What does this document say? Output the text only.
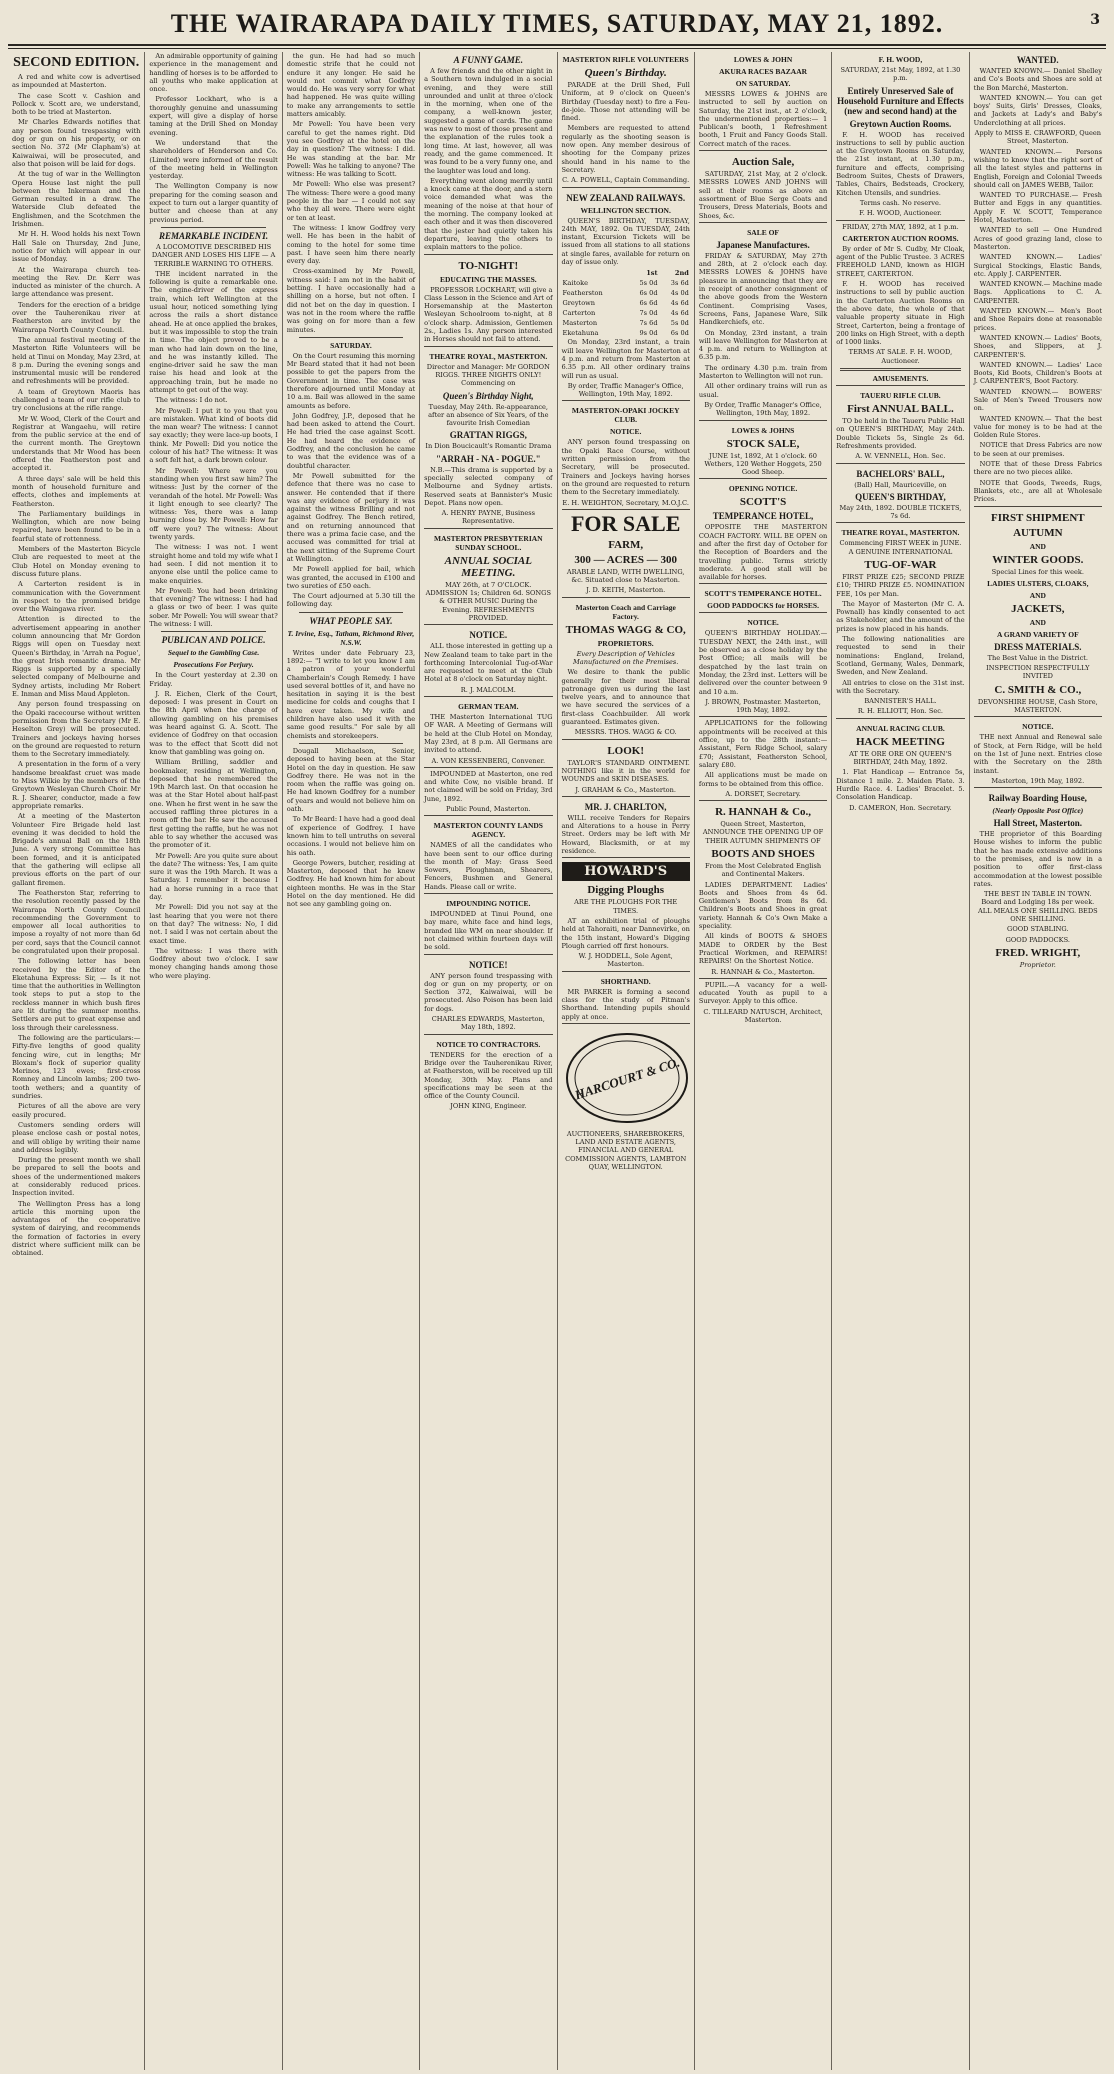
THE WAIRARAPA DAILY TIMES, SATURDAY, MAY 21, 1892.	3
SECOND EDITION.

A red and white cow is advertised as impounded at Masterton.

The case Scott v. Cashion and Pollock v. Scott are, we understand, both to be tried at Masterton.

Mr Charles Edwards notifies that any person found trespassing with dog or gun on his property, or on section No. 372 (Mr Clapham's) at Kaiwaiwai, will be prosecuted, and also that poison will be laid for dogs.

At the tug of war in the Wellington Opera House last night the pull between the Inkerman and the German resulted in a draw. The Waterside Club defeated the Englishmen, and the Scotchmen the Irishmen.

Mr H. H. Wood holds his next Town Hall Sale on Thursday, 2nd June, notice for which will appear in our issue of Monday.

At the Wairarapa church tea-meeting the Rev. Dr. Kerr was inducted as minister of the church. A large attendance was present.

Tenders for the erection of a bridge over the Tauherenikau river at Featherston are invited by the Wairarapa North County Council.

The annual festival meeting of the Masterton Rifle Volunteers will be held at Tinui on Monday, May 23rd, at 8 p.m. During the evening songs and instrumental music will be rendered and refreshments will be provided.

A team of Greytown Maoris has challenged a team of our rifle club to try conclusions at the rifle range.

Mr W. Wood, Clerk of the Court and Registrar at Wangaehu, will retire from the public service at the end of the current month. The Greytown understands that Mr Wood has been offered the Featherston post and accepted it.

A three days' sale will be held this month of household furniture and effects, clothes and implements at Featherston.

The Parliamentary buildings in Wellington, which are now being repaired, have been found to be in a fearful state of rottenness.

Members of the Masterton Bicycle Club are requested to meet at the Club Hotel on Monday evening to discuss future plans.

A Carterton resident is in communication with the Government in respect to the promised bridge over the Waingawa river.

Attention is directed to the advertisement appearing in another column announcing that Mr Gordon Riggs will open on Tuesday next Queen's Birthday, in 'Arrah na Pogue', the great Irish romantic drama. Mr Riggs is supported by a specially selected company of Melbourne and Sydney artists, including Mr Robert E. Inman and Miss Maud Appleton.

Any person found trespassing on the Opaki racecourse without written permission from the Secretary (Mr E. Heselton Grey) will be prosecuted. Trainers and jockeys having horses on the ground are requested to return them to the Secretary immediately.

A presentation in the form of a very handsome breakfast cruet was made to Miss Wilkie by the members of the Greytown Wesleyan Church Choir. Mr R. J. Shearer, conductor, made a few appropriate remarks.

At a meeting of the Masterton Volunteer Fire Brigade held last evening it was decided to hold the Brigade's annual Ball on the 18th June. A very strong Committee has been formed, and it is anticipated that the gathering will eclipse all previous efforts on the part of our gallant firemen.

The Featherston Star, referring to the resolution recently passed by the Wairarapa North County Council recommending the Government to empower all local authorities to impose a royalty of not more than 6d per cord, says that the Council cannot be congratulated upon their proposal.

The following letter has been received by the Editor of the Eketahuna Express: Sir, — Is it not time that the authorities in Wellington took steps to put a stop to the reckless manner in which bush fires are lit during the summer months. Settlers are put to great expense and loss through their carelessness.

The following are the particulars:— Fifty-five lengths of good quality fencing wire, cut in lengths; Mr Bloxam's flock of superior quality Merinos, 123 ewes; first-cross Romney and Lincoln lambs; 200 two-tooth wethers; and a quantity of sundries.

Pictures of all the above are very easily procured.

Customers sending orders will please enclose cash or postal notes, and will oblige by writing their name and address legibly.

During the present month we shall be prepared to sell the boots and shoes of the undermentioned makers at considerably reduced prices. Inspection invited.

The Wellington Press has a long article this morning upon the advantages of the co-operative system of dairying, and recommends the formation of factories in every district where sufficient milk can be obtained.

An admirable opportunity of gaining experience in the management and handling of horses is to be afforded to all youths who make application at once.

Professor Lockhart, who is a thoroughly genuine and unassuming expert, will give a display of horse taming at the Drill Shed on Monday evening.

We understand that the shareholders of Henderson and Co. (Limited) were informed of the result of the meeting held in Wellington yesterday.

The Wellington Company is now preparing for the coming season and expect to turn out a larger quantity of butter and cheese than at any previous period.

REMARKABLE INCIDENT.

A LOCOMOTIVE DESCRIBED HIS DANGER AND LOSES HIS LIFE — A TERRIBLE WARNING TO OTHERS.

THE incident narrated in the following is quite a remarkable one. The engine-driver of the express train, which left Wellington at the usual hour, noticed something lying across the rails a short distance ahead. He at once applied the brakes, but it was impossible to stop the train in time. The object proved to be a man who had lain down on the line, and he was instantly killed. The engine-driver said he saw the man raise his head and look at the approaching train, but he made no attempt to get out of the way.

The witness: I do not.

Mr Powell: I put it to you that you are mistaken. What kind of boots did the man wear? The witness: I cannot say exactly; they were lace-up boots, I think. Mr Powell: Did you notice the colour of his hat? The witness: It was a soft felt hat, a dark brown colour.

Mr Powell: Where were you standing when you first saw him? The witness: Just by the corner of the verandah of the hotel. Mr Powell: Was it light enough to see clearly? The witness: Yes, there was a lamp burning close by. Mr Powell: How far off were you? The witness: About twenty yards.

The witness: I was not. I went straight home and told my wife what I had seen. I did not mention it to anyone else until the police came to make enquiries.

Mr Powell: You had been drinking that evening? The witness: I had had a glass or two of beer. I was quite sober. Mr Powell: You will swear that? The witness: I will.

PUBLICAN AND POLICE.
Sequel to the Gambling Case.
Prosecutions For Perjury.

In the Court yesterday at 2.30 on Friday.

J. R. Eichen, Clerk of the Court, deposed: I was present in Court on the 8th April when the charge of allowing gambling on his premises was heard against G. A. Scott. The evidence of Godfrey on that occasion was to the effect that Scott did not know that gambling was going on.

William Brilling, saddler and bookmaker, residing at Wellington, deposed that he remembered the 19th March last. On that occasion he was at the Star Hotel about half-past one. When he first went in he saw the accused raffling three pictures in a room off the bar. He saw the accused first getting the raffle, but he was not able to say whether the accused was the promoter of it.

Mr Powell: Are you quite sure about the date? The witness: Yes, I am quite sure it was the 19th March. It was a Saturday. I remember it because I had a horse running in a race that day.

Mr Powell: Did you not say at the last hearing that you were not there on that day? The witness: No, I did not. I said I was not certain about the exact time.

The witness: I was there with Godfrey about two o'clock. I saw money changing hands among those who were playing.

the gun. He had had so much domestic strife that he could not endure it any longer. He said he would not commit what Godfrey would do. He was very sorry for what had happened. He was quite willing to make any arrangements to settle matters amicably.

Mr Powell: You have been very careful to get the names right. Did you see Godfrey at the hotel on the day in question? The witness: I did. He was standing at the bar. Mr Powell: Was he talking to anyone? The witness: He was talking to Scott.

Mr Powell: Who else was present? The witness: There were a good many people in the bar — I could not say who they all were. There were eight or ten at least.

The witness: I know Godfrey very well. He has been in the habit of coming to the hotel for some time past. I have seen him there nearly every day.

Cross-examined by Mr Powell, witness said: I am not in the habit of betting. I have occasionally had a shilling on a horse, but not often. I did not bet on the day in question. I was not in the room where the raffle was going on for more than a few minutes.

SATURDAY.

On the Court resuming this morning Mr Beard stated that it had not been possible to get the papers from the Government in time. The case was therefore adjourned until Monday at 10 a.m. Bail was allowed in the same amounts as before.

John Godfrey, J.P., deposed that he had been asked to attend the Court. He had tried the case against Scott. He had heard the evidence of Godfrey, and the conclusion he came to was that the evidence was of a doubtful character.

Mr Powell submitted for the defence that there was no case to answer. He contended that if there was any evidence of perjury it was against the witness Brilling and not against Godfrey. The Bench retired, and on returning announced that there was a prima facie case, and the accused was committed for trial at the next sitting of the Supreme Court at Wellington.

Mr Powell applied for bail, which was granted, the accused in £100 and two sureties of £50 each.

The Court adjourned at 5.30 till the following day.

WHAT PEOPLE SAY.
T. Irvine, Esq., Tatham, Richmond River, N.S.W.

Writes under date February 23, 1892:— "I write to let you know I am a patron of your wonderful Chamberlain's Cough Remedy. I have used several bottles of it, and have no hesitation in saying it is the best medicine for colds and coughs that I have ever taken. My wife and children have also used it with the same good results." For sale by all chemists and storekeepers.

Dougall Michaelson, Senior, deposed to having been at the Star Hotel on the day in question. He saw Godfrey there. He was not in the room when the raffle was going on. He had known Godfrey for a number of years and would not believe him on oath.

To Mr Beard: I have had a good deal of experience of Godfrey. I have known him to tell untruths on several occasions. I would not believe him on his oath.

George Powers, butcher, residing at Masterton, deposed that he knew Godfrey. He had known him for about eighteen months. He was in the Star Hotel on the day mentioned. He did not see any gambling going on.

A FUNNY GAME.

A few friends and the other night in a Southern town indulged in a social evening, and they were still unrounded and unlit at three o'clock in the morning, when one of the company, a well-known jester, suggested a game of cards. The game was new to most of those present and the explanation of the rules took a long time. At last, however, all was ready, and the game commenced. It was found to be a very funny one, and the laughter was loud and long.

Everything went along merrily until a knock came at the door, and a stern voice demanded what was the meaning of the noise at that hour of the morning. The company looked at each other and it was then discovered that the jester had quietly taken his departure, leaving the others to explain matters to the police.

TO-NIGHT!
EDUCATING THE MASSES.

PROFESSOR LOCKHART, will give a Class Lesson in the Science and Art of Horsemanship at the Masterton Wesleyan Schoolroom to-night, at 8 o'clock sharp. Admission, Gentlemen 2s., Ladies 1s. Any person interested in Horses should not fail to attend.

THEATRE ROYAL, MASTERTON.

Director and Manager: Mr GORDON RIGGS. THREE NIGHTS ONLY! Commencing on

Queen's Birthday Night,

Tuesday, May 24th. Re-appearance, after an absence of Six Years, of the favourite Irish Comedian

GRATTAN RIGGS,

In Dion Boucicault's Romantic Drama

"ARRAH - NA - POGUE."

N.B.—This drama is supported by a specially selected company of Melbourne and Sydney artists. Reserved seats at Bannister's Music Depot. Plans now open.

A. HENRY PAYNE, Business Representative.

MASTERTON PRESBYTERIAN SUNDAY SCHOOL.
ANNUAL SOCIAL MEETING.

MAY 26th, at 7 O'CLOCK. ADMISSION 1s; Children 6d. SONGS & OTHER MUSIC During the Evening. REFRESHMENTS PROVIDED.

NOTICE.

ALL those interested in getting up a New Zealand team to take part in the forthcoming Intercolonial Tug-of-War are requested to meet at the Club Hotel at 8 o'clock on Saturday night.

R. J. MALCOLM.

GERMAN TEAM.

THE Masterton International TUG OF WAR. A Meeting of Germans will be held at the Club Hotel on Monday, May 23rd, at 8 p.m. All Germans are invited to attend.

A. VON KESSENBERG, Convener.

IMPOUNDED at Masterton, one red and white Cow, no visible brand. If not claimed will be sold on Friday, 3rd June, 1892.

Public Pound, Masterton.

MASTERTON COUNTY LANDS AGENCY.

NAMES of all the candidates who have been sent to our office during the month of May: Grass Seed Sowers, Ploughman, Shearers, Fencers, Bushmen and General Hands. Please call or write.

IMPOUNDING NOTICE.

IMPOUNDED at Tinui Pound, one bay mare, white face and hind legs, branded like WM on near shoulder. If not claimed within fourteen days will be sold.

NOTICE!

ANY person found trespassing with dog or gun on my property, or on Section 372, Kaiwaiwai, will be prosecuted. Also Poison has been laid for dogs.

CHARLES EDWARDS, Masterton, May 18th, 1892.

NOTICE TO CONTRACTORS.

TENDERS for the erection of a Bridge over the Tauherenikau River, at Featherston, will be received up till Monday, 30th May. Plans and specifications may be seen at the office of the County Council.

JOHN KING, Engineer.

MASTERTON RIFLE VOLUNTEERS
Queen's Birthday.

PARADE at the Drill Shed, Full Uniform, at 9 o'clock on Queen's Birthday (Tuesday next) to fire a Feu-de-joie. Those not attending will be fined.

Members are requested to attend regularly as the shooting season is now open. Any member desirous of shooting for the Company prizes should hand in his name to the Secretary.

C. A. POWELL, Captain Commanding.

NEW ZEALAND RAILWAYS.
WELLINGTON SECTION.

QUEEN'S BIRTHDAY, TUESDAY, 24th MAY, 1892. On TUESDAY, 24th instant, Excursion Tickets will be issued from all stations to all stations at single fares, available for return on day of issue only.

	1st	2nd
Kaitoke	5s 0d	3s 6d
Featherston	6s 0d	4s 0d
Greytown	6s 6d	4s 6d
Carterton	7s 0d	4s 6d
Masterton	7s 6d	5s 0d
Eketahuna	9s 0d	6s 0d

On Monday, 23rd instant, a train will leave Wellington for Masterton at 4 p.m. and return from Masterton at 6.35 p.m. All other ordinary trains will run as usual.

By order, Traffic Manager's Office, Wellington, 19th May, 1892.

MASTERTON-OPAKI JOCKEY CLUB.
NOTICE.

ANY person found trespassing on the Opaki Race Course, without written permission from the Secretary, will be prosecuted. Trainers and Jockeys having horses on the ground are requested to return them to the Secretary immediately.

E. H. WEIGHTON, Secretary, M.O.J.C.

FOR SALE
FARM,
300 — ACRES — 300

ARABLE LAND, WITH DWELLING, &c. Situated close to Masterton.

J. D. KEITH, Masterton.

Masterton Coach and Carriage Factory.
THOMAS WAGG & CO,
PROPRIETORS.

Every Description of Vehicles Manufactured on the Premises.

We desire to thank the public generally for their most liberal patronage given us during the last twelve years, and to announce that we have secured the services of a first-class Coachbuilder. All work guaranteed. Estimates given.

MESSRS. THOS. WAGG & CO.

LOOK!

TAYLOR'S STANDARD OINTMENT. NOTHING like it in the world for WOUNDS and SKIN DISEASES.

J. GRAHAM & Co., Masterton.

MR. J. CHARLTON,

WILL receive Tenders for Repairs and Alterations to a house in Perry Street. Orders may be left with Mr Howard, Blacksmith, or at my residence.

HOWARD'S
Digging Ploughs

ARE THE PLOUGHS FOR THE TIMES.

AT an exhibition trial of ploughs held at Tahoraiti, near Dannevirke, on the 15th instant, Howard's Digging Plough carried off first honours.

W. J. HODDELL, Sole Agent, Masterton.

SHORTHAND.

MR PARKER is forming a second class for the study of Pitman's Shorthand. Intending pupils should apply at once.

HARCOURT & CO.

AUCTIONEERS, SHAREBROKERS, LAND AND ESTATE AGENTS, FINANCIAL AND GENERAL COMMISSION AGENTS, LAMBTON QUAY, WELLINGTON.

LOWES & JOHN
AKURA RACES BAZAAR
ON SATURDAY.

MESSRS LOWES & JOHNS are instructed to sell by auction on Saturday, the 21st inst., at 2 o'clock, the undermentioned properties:— 1 Publican's booth, 1 Refreshment booth, 1 Fruit and Fancy Goods Stall. Correct match of the races.

Auction Sale,

SATURDAY, 21st May, at 2 o'clock. MESSRS LOWES AND JOHNS will sell at their rooms as above an assortment of Blue Serge Coats and Trousers, Dress Materials, Boots and Shoes, &c.

SALE OF
Japanese Manufactures.

FRIDAY & SATURDAY, May 27th and 28th, at 2 o'clock each day. MESSRS LOWES & JOHNS have pleasure in announcing that they are in receipt of another consignment of the above goods from the Western Continent. Comprising Vases, Screens, Fans, Japanese Ware, Silk Handkerchiefs, etc.

On Monday, 23rd instant, a train will leave Wellington for Masterton at 4 p.m. and return to Wellington at 6.35 p.m.

The ordinary 4.30 p.m. train from Masterton to Wellington will not run.

All other ordinary trains will run as usual.

By Order, Traffic Manager's Office, Wellington, 19th May, 1892.

LOWES & JOHNS
STOCK SALE,

JUNE 1st, 1892, At 1 o'clock. 60 Wethers, 120 Wether Hoggets, 250 Good Sheep.

OPENING NOTICE.
SCOTT'S
TEMPERANCE HOTEL,

OPPOSITE THE MASTERTON COACH FACTORY. WILL BE OPEN on and after the first day of October for the Reception of Boarders and the travelling public. Terms strictly moderate. A good stall will be available for horses.

SCOTT'S TEMPERANCE HOTEL.
GOOD PADDOCKS for HORSES.
NOTICE.

QUEEN'S BIRTHDAY HOLIDAY.— TUESDAY NEXT, the 24th inst., will be observed as a close holiday by the Post Office; all mails will be despatched by the last train on Monday, the 23rd inst. Letters will be delivered over the counter between 9 and 10 a.m.

J. BROWN, Postmaster. Masterton, 19th May, 1892.

APPLICATIONS for the following appointments will be received at this office, up to the 28th instant:— Assistant, Fern Ridge School, salary £70; Assistant, Featherston School, salary £80.

All applications must be made on forms to be obtained from this office.

A. DORSET, Secretary.

R. HANNAH & Co.,

Queen Street, Masterton, ANNOUNCE THE OPENING UP OF THEIR AUTUMN SHIPMENTS OF

BOOTS AND SHOES

From the Most Celebrated English and Continental Makers.

LADIES DEPARTMENT. Ladies' Boots and Shoes from 4s 6d. Gentlemen's Boots from 8s 6d. Children's Boots and Shoes in great variety. Hannah & Co's Own Make a speciality.

All kinds of BOOTS & SHOES MADE to ORDER by the Best Practical Workmen, and REPAIRS! REPAIRS! On the Shortest Notice.

R. HANNAH & Co., Masterton.

PUPIL.—A vacancy for a well-educated Youth as pupil to a Surveyor. Apply to this office.

C. TILLEARD NATUSCH, Architect, Masterton.

F. H. WOOD,

SATURDAY, 21st May, 1892, at 1.30 p.m.

Entirely Unreserved Sale of Household Furniture and Effects (new and second hand) at the
Greytown Auction Rooms.

F. H. WOOD has received instructions to sell by public auction at the Greytown Rooms on Saturday, the 21st instant, at 1.30 p.m., furniture and effects, comprising Bedroom Suites, Chests of Drawers, Tables, Chairs, Bedsteads, Crockery, Kitchen Utensils, and sundries.

Terms cash. No reserve.

F. H. WOOD, Auctioneer.

FRIDAY, 27th MAY, 1892, at 1 p.m.

CARTERTON AUCTION ROOMS.

By order of Mr S. Cudby, Mr Cloak, agent of the Public Trustee. 3 ACRES FREEHOLD LAND, known as HIGH STREET, CARTERTON.

F. H. WOOD has received instructions to sell by public auction in the Carterton Auction Rooms on the above date, the whole of that valuable property situate in High Street, Carterton, being a frontage of 200 links on High Street, with a depth of 1000 links.

TERMS AT SALE. F. H. WOOD, Auctioneer.

AMUSEMENTS.
TAUERU RIFLE CLUB.
First ANNUAL BALL.

TO be held in the Taueru Public Hall on QUEEN'S BIRTHDAY, May 24th. Double Tickets 5s, Single 2s 6d. Refreshments provided.

A. W. VENNELL, Hon. Sec.

BACHELORS' BALL,

(Ball) Hall, Mauriceville, on

QUEEN'S BIRTHDAY,

May 24th, 1892. DOUBLE TICKETS, 7s 6d.

THEATRE ROYAL, MASTERTON.

Commencing FIRST WEEK in JUNE. A GENUINE INTERNATIONAL

TUG-OF-WAR

FIRST PRIZE £25; SECOND PRIZE £10; THIRD PRIZE £5. NOMINATION FEE, 10s per Man.

The Mayor of Masterton (Mr C. A. Pownall) has kindly consented to act as Stakeholder, and the amount of the prizes is now placed in his hands.

The following nationalities are requested to send in their nominations: England, Ireland, Scotland, Germany, Wales, Denmark, Sweden, and New Zealand.

All entries to close on the 31st inst. with the Secretary.

BANNISTER'S HALL.

R. H. ELLIOTT, Hon. Sec.

ANNUAL RACING CLUB.
HACK MEETING

AT TE ORE ORE ON QUEEN'S BIRTHDAY, 24th May, 1892.

1. Flat Handicap — Entrance 5s, Distance 1 mile. 2. Maiden Plate. 3. Hurdle Race. 4. Ladies' Bracelet. 5. Consolation Handicap.

D. CAMERON, Hon. Secretary.

WANTED.

WANTED KNOWN.— Daniel Shelley and Co's Boots and Shoes are sold at the Bon Marché, Masterton.

WANTED KNOWN.— You can get boys' Suits, Girls' Dresses, Cloaks, and Jackets at Lady's and Baby's Underclothing at all prices.

Apply to MISS E. CRAWFORD, Queen Street, Masterton.

WANTED KNOWN.— Persons wishing to know that the right sort of all the latest styles and patterns in English, Foreign and Colonial Tweeds should call on JAMES WEBB, Tailor.

WANTED TO PURCHASE.— Fresh Butter and Eggs in any quantities. Apply F. W. SCOTT, Temperance Hotel, Masterton.

WANTED to sell — One Hundred Acres of good grazing land, close to Masterton.

WANTED KNOWN.— Ladies' Surgical Stockings, Elastic Bands, etc. Apply J. CARPENTER.

WANTED KNOWN.— Machine made Bags. Applications to C. A. CARPENTER.

WANTED KNOWN.— Men's Boot and Shoe Repairs done at reasonable prices.

WANTED KNOWN.— Ladies' Boots, Shoes, and Slippers, at J. CARPENTER'S.

WANTED KNOWN.— Ladies' Lace Boots, Kid Boots, Children's Boots at J. CARPENTER'S, Boot Factory.

WANTED KNOWN.— BOWERS' Sale of Men's Tweed Trousers now on.

WANTED KNOWN.— That the best value for money is to be had at the Golden Rule Stores.

NOTICE that Dress Fabrics are now to be seen at our premises.

NOTE that of these Dress Fabrics there are no two pieces alike.

NOTE that Goods, Tweeds, Rugs, Blankets, etc., are all at Wholesale Prices.

FIRST SHIPMENT
AUTUMN
AND
WINTER GOODS.

Special Lines for this week.

LADIES ULSTERS, CLOAKS,
AND
JACKETS,
AND
A GRAND VARIETY OF
DRESS MATERIALS.

The Best Value in the District.

INSPECTION RESPECTFULLY INVITED

C. SMITH & CO.,

DEVONSHIRE HOUSE, Cash Store, MASTERTON.

NOTICE.

THE next Annual and Renewal sale of Stock, at Fern Ridge, will be held on the 1st of June next. Entries close with the Secretary on the 28th instant.

Masterton, 19th May, 1892.

Railway Boarding House,
(Nearly Opposite Post Office)
Hall Street, Masterton.

THE proprietor of this Boarding House wishes to inform the public that he has made extensive additions to the premises, and is now in a position to offer first-class accommodation at the lowest possible rates.

THE BEST IN TABLE IN TOWN. Board and Lodging 18s per week. ALL MEALS ONE SHILLING. BEDS ONE SHILLING.

GOOD STABLING.

GOOD PADDOCKS.

FRED. WRIGHT,

Proprietor.
